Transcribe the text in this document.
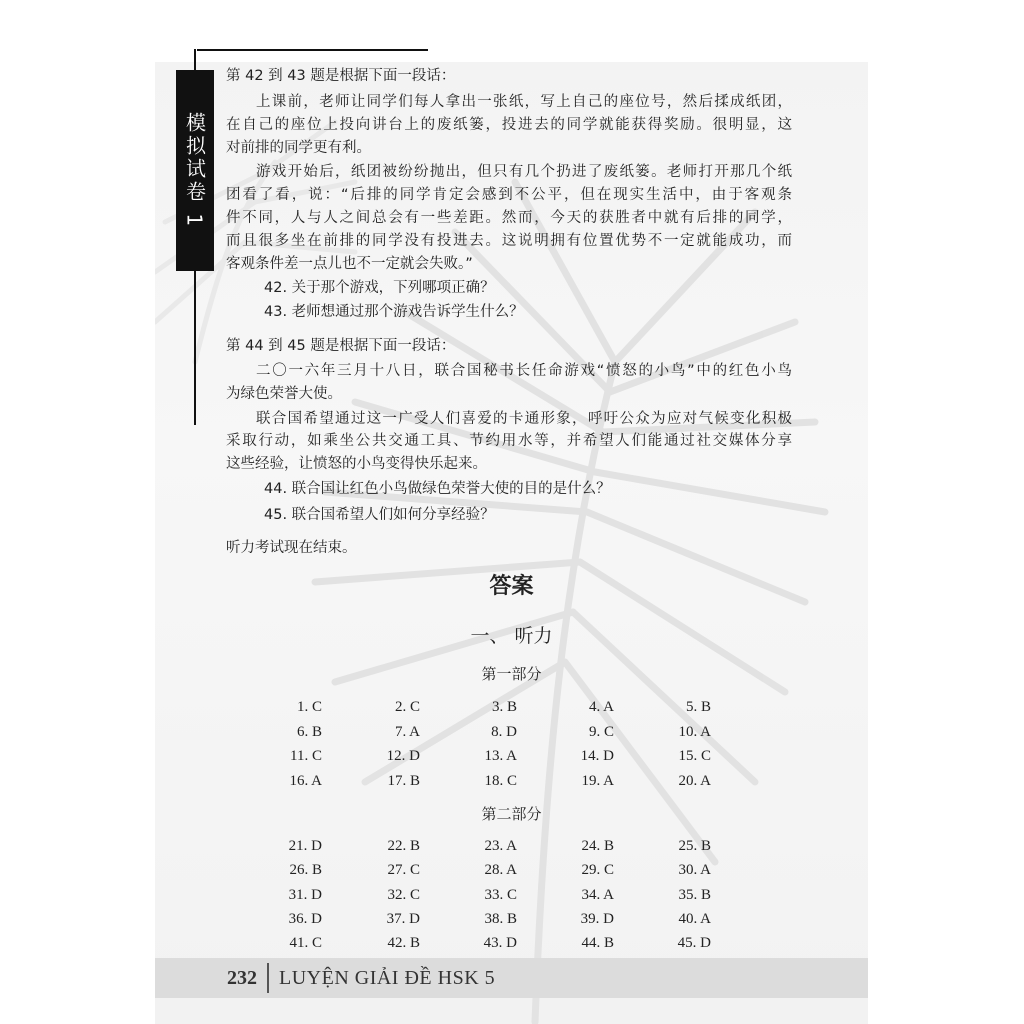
模拟试卷 1
第 42 到 43 题是根据下面一段话：
上课前，老师让同学们每人拿出一张纸，写上自己的座位号，然后揉成纸团，
在自己的座位上投向讲台上的废纸篓，投进去的同学就能获得奖励。很明显，这
对前排的同学更有利。
游戏开始后，纸团被纷纷抛出，但只有几个扔进了废纸篓。老师打开那几个纸
团看了看，说：“后排的同学肯定会感到不公平，但在现实生活中，由于客观条
件不同，人与人之间总会有一些差距。然而，今天的获胜者中就有后排的同学，
而且很多坐在前排的同学没有投进去。这说明拥有位置优势不一定就能成功，而
客观条件差一点儿也不一定就会失败。”
42. 关于那个游戏，下列哪项正确？
43. 老师想通过那个游戏告诉学生什么？
第 44 到 45 题是根据下面一段话：
二〇一六年三月十八日，联合国秘书长任命游戏“愤怒的小鸟”中的红色小鸟
为绿色荣誉大使。
联合国希望通过这一广受人们喜爱的卡通形象，呼吁公众为应对气候变化积极
采取行动，如乘坐公共交通工具、节约用水等，并希望人们能通过社交媒体分享
这些经验，让愤怒的小鸟变得快乐起来。
44. 联合国让红色小鸟做绿色荣誉大使的目的是什么？
45. 联合国希望人们如何分享经验？
听力考试现在结束。
答案
一、 听力
第一部分
第二部分
1. C	2. C	3. B	4. A	5. B
6. B	7. A	8. D	9. C	10. A
11. C	12. D	13. A	14. D	15. C
16. A	17. B	18. C	19. A	20. A
21. D	22. B	23. A	24. B	25. B
26. B	27. C	28. A	29. C	30. A
31. D	32. C	33. C	34. A	35. B
36. D	37. D	38. B	39. D	40. A
41. C	42. B	43. D	44. B	45. D
232 LUYỆN GIẢI ĐỀ HSK 5
